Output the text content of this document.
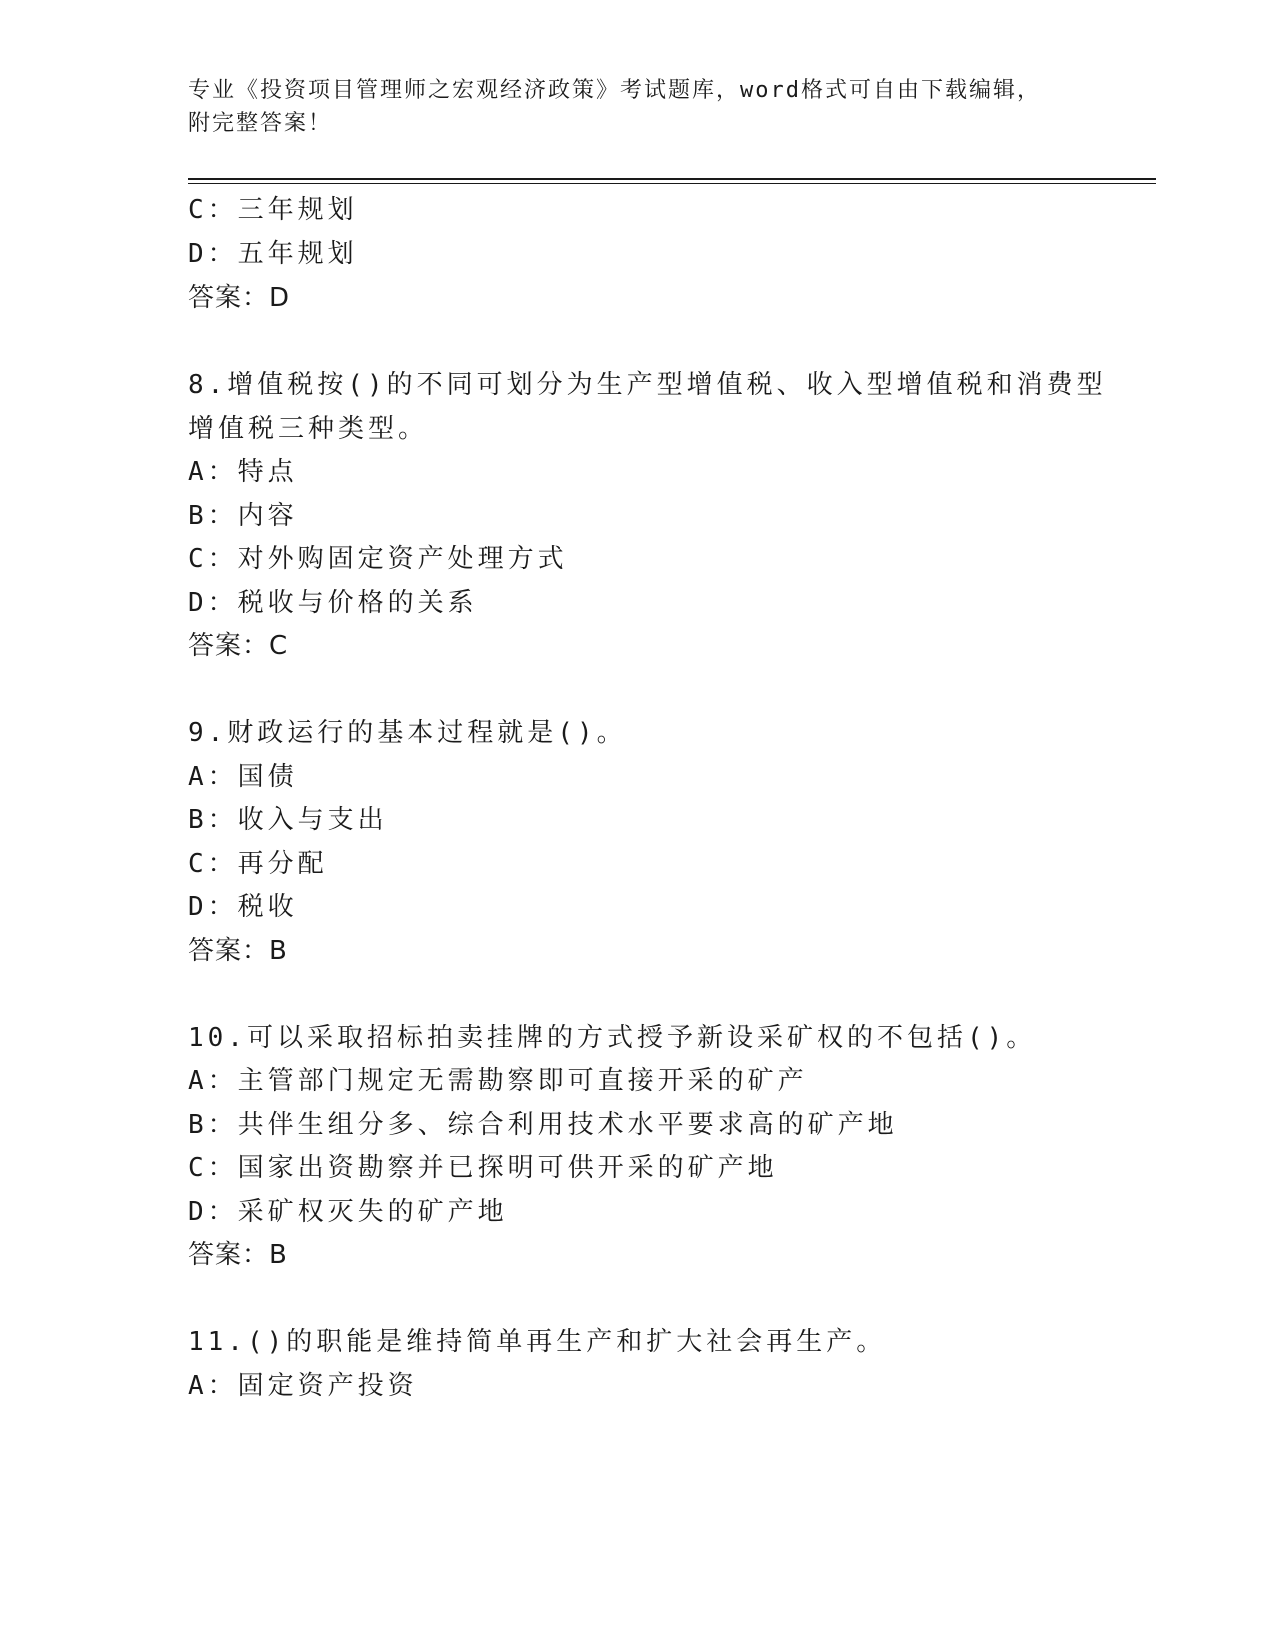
专业《投资项目管理师之宏观经济政策》考试题库，word格式可自由下载编辑，
附完整答案！
C：三年规划
D：五年规划
答案：D
8.增值税按()的不同可划分为生产型增值税、收入型增值税和消费型
增值税三种类型。
A：特点
B：内容
C：对外购固定资产处理方式
D：税收与价格的关系
答案：C
9.财政运行的基本过程就是()。
A：国债
B：收入与支出
C：再分配
D：税收
答案：B
10.可以采取招标拍卖挂牌的方式授予新设采矿权的不包括()。
A：主管部门规定无需勘察即可直接开采的矿产
B：共伴生组分多、综合利用技术水平要求高的矿产地
C：国家出资勘察并已探明可供开采的矿产地
D：采矿权灭失的矿产地
答案：B
11.()的职能是维持简单再生产和扩大社会再生产。
A：固定资产投资
